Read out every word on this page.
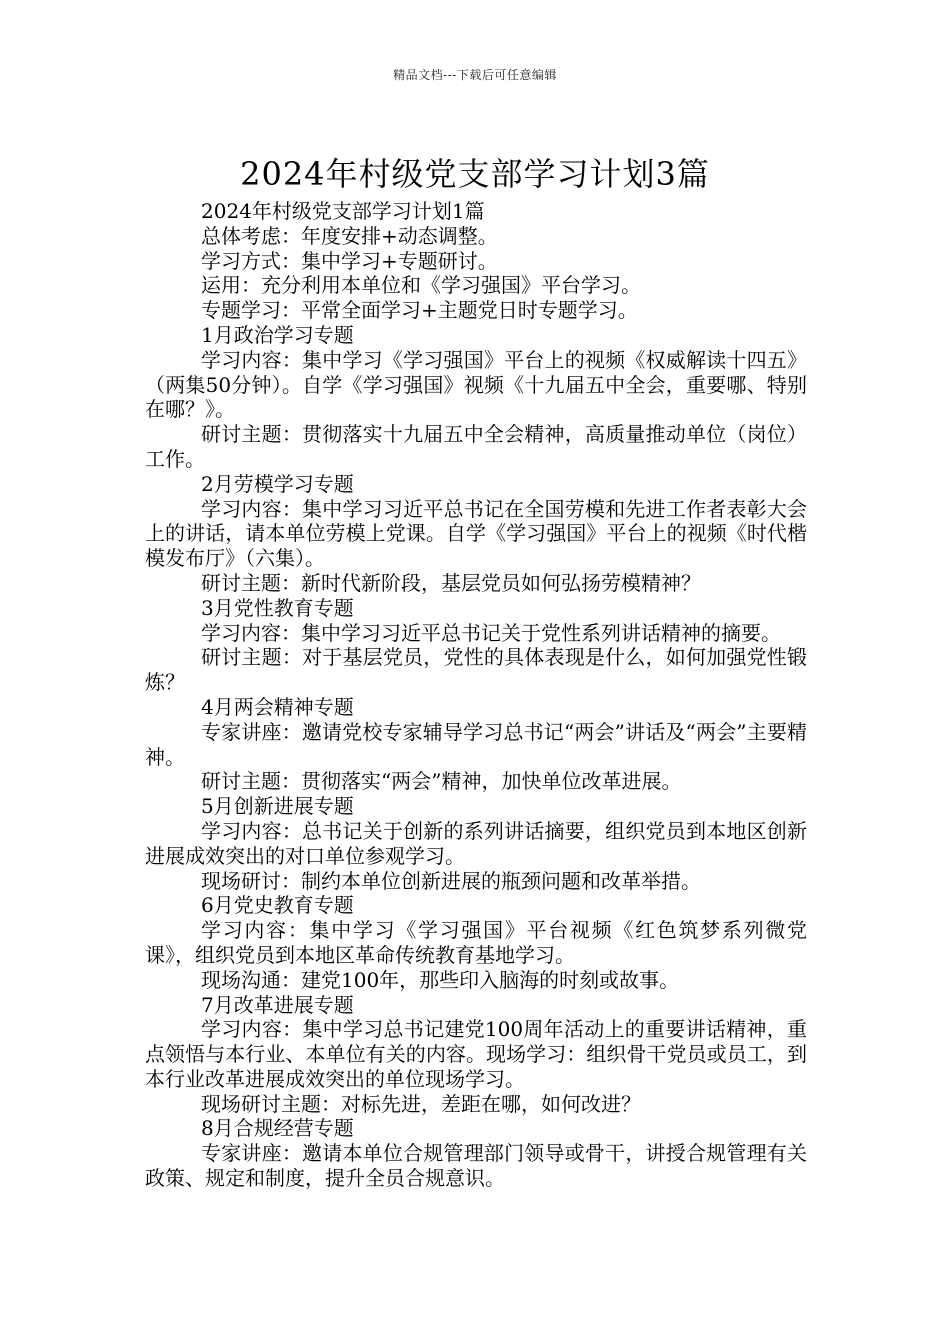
精品文档---下载后可任意编辑
2024年村级党支部学习计划3篇

2024年村级党支部学习计划1篇

总体考虑：年度安排+动态调整。

学习方式：集中学习+专题研讨。

运用：充分利用本单位和《学习强国》平台学习。

专题学习：平常全面学习+主题党日时专题学习。

1月政治学习专题

学习内容：集中学习《学习强国》平台上的视频《权威解读十四五》（两集50分钟）。自学《学习强国》视频《十九届五中全会，重要哪、特别在哪？》。

研讨主题：贯彻落实十九届五中全会精神，高质量推动单位（岗位）工作。

2月劳模学习专题

学习内容：集中学习习近平总书记在全国劳模和先进工作者表彰大会上的讲话，请本单位劳模上党课。自学《学习强国》平台上的视频《时代楷模发布厅》（六集）。

研讨主题：新时代新阶段，基层党员如何弘扬劳模精神？

3月党性教育专题

学习内容：集中学习习近平总书记关于党性系列讲话精神的摘要。

研讨主题：对于基层党员，党性的具体表现是什么，如何加强党性锻炼？

4月两会精神专题

专家讲座：邀请党校专家辅导学习总书记“两会”讲话及“两会”主要精神。

研讨主题：贯彻落实“两会”精神，加快单位改革进展。

5月创新进展专题

学习内容：总书记关于创新的系列讲话摘要，组织党员到本地区创新进展成效突出的对口单位参观学习。

现场研讨：制约本单位创新进展的瓶颈问题和改革举措。

6月党史教育专题

学习内容：集中学习《学习强国》平台视频《红色筑梦系列微党课》，组织党员到本地区革命传统教育基地学习。

现场沟通：建党100年，那些印入脑海的时刻或故事。

7月改革进展专题

学习内容：集中学习总书记建党100周年活动上的重要讲话精神，重点领悟与本行业、本单位有关的内容。现场学习：组织骨干党员或员工，到本行业改革进展成效突出的单位现场学习。

现场研讨主题：对标先进，差距在哪，如何改进？

8月合规经营专题

专家讲座：邀请本单位合规管理部门领导或骨干，讲授合规管理有关政策、规定和制度，提升全员合规意识。
